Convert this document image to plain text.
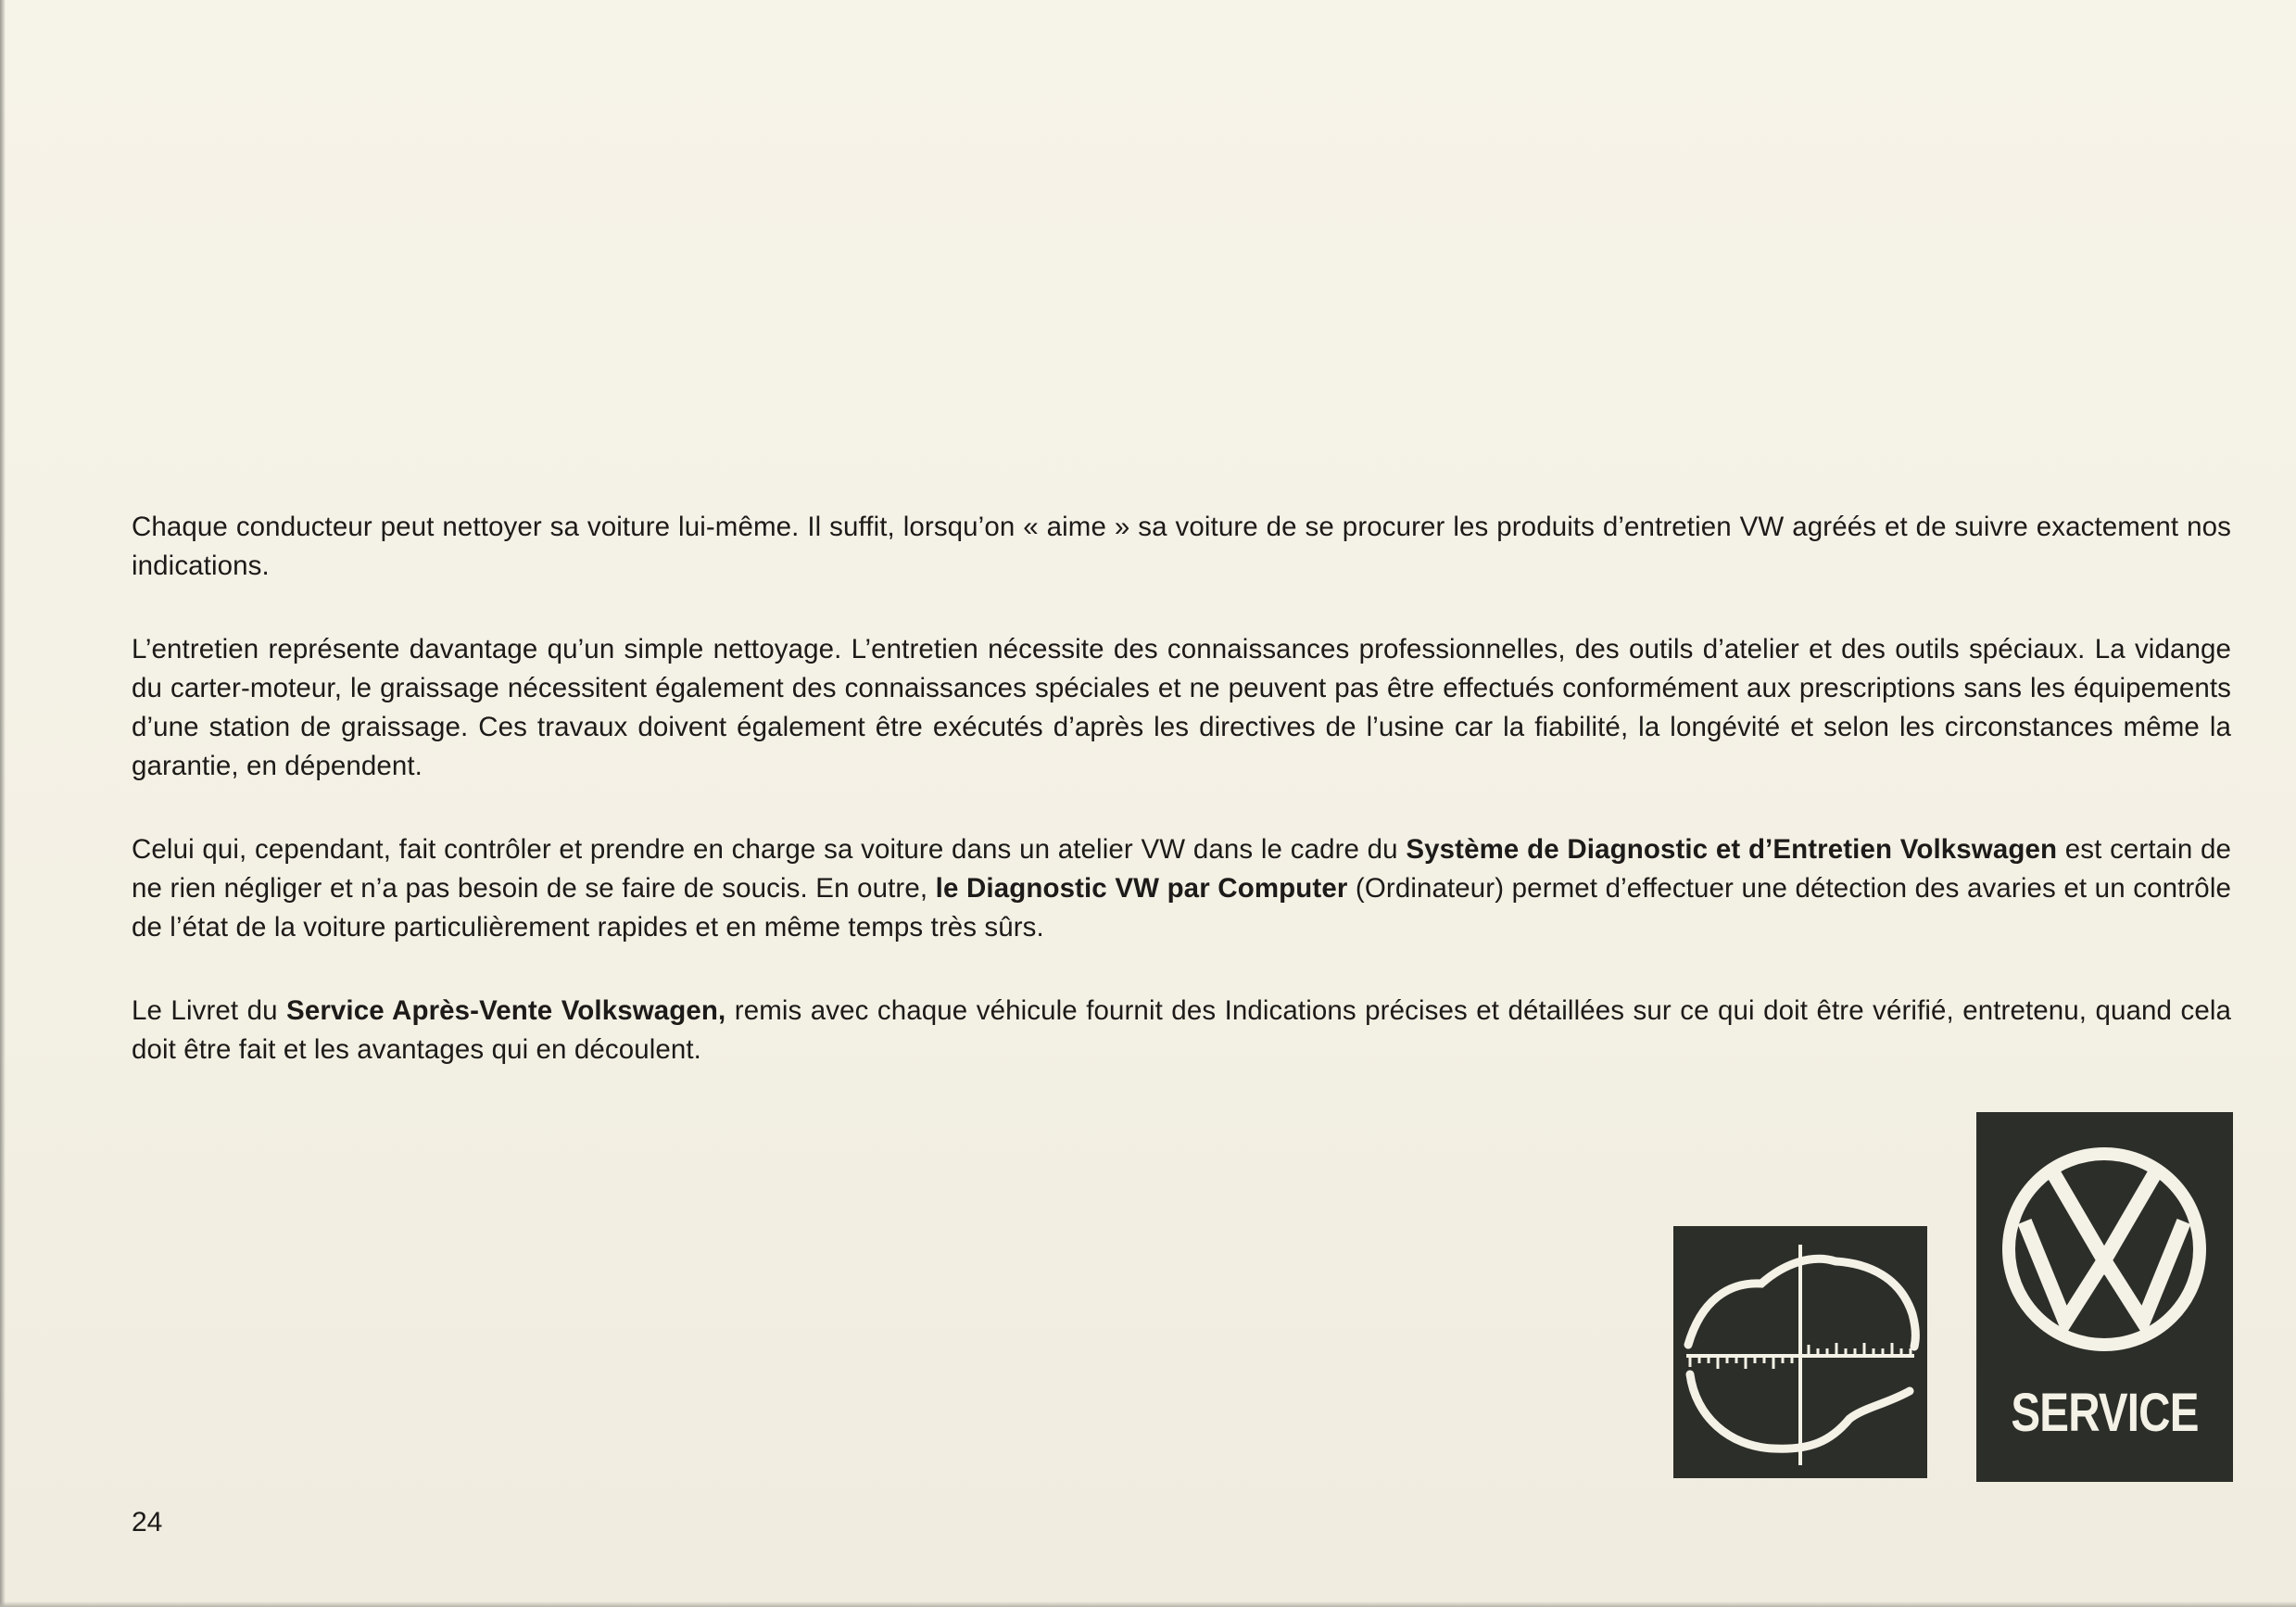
Chaque conducteur peut nettoyer sa voiture lui-même. Il suffit, lorsqu’on « aime » sa voiture de se procurer les produits d’entretien VW agréés et de suivre exactement nos indications.

L’entretien représente davantage qu’un simple nettoyage. L’entretien nécessite des connaissances professionnelles, des outils d’atelier et des outils spéciaux. La vidange du carter-moteur, le graissage nécessitent également des connaissances spéciales et ne peuvent pas être effectués conformément aux prescriptions sans les équipements d’une station de graissage. Ces travaux doivent également être exécutés d’après les directives de l’usine car la fiabilité, la longévité et selon les circonstances même la garantie, en dépendent.

Celui qui, cependant, fait contrôler et prendre en charge sa voiture dans un atelier VW dans le cadre du Système de Diagnostic et d’Entretien Volkswagen est certain de ne rien négliger et n’a pas besoin de se faire de soucis. En outre, le Diagnostic VW par Computer (Ordinateur) permet d’effectuer une détection des avaries et un contrôle de l’état de la voiture particulièrement rapides et en même temps très sûrs.

Le Livret du Service Après-Vente Volkswagen, remis avec chaque véhicule fournit des Indications précises et détaillées sur ce qui doit être vérifié, entretenu, quand cela doit être fait et les avantages qui en découlent.

SERVICE
24
